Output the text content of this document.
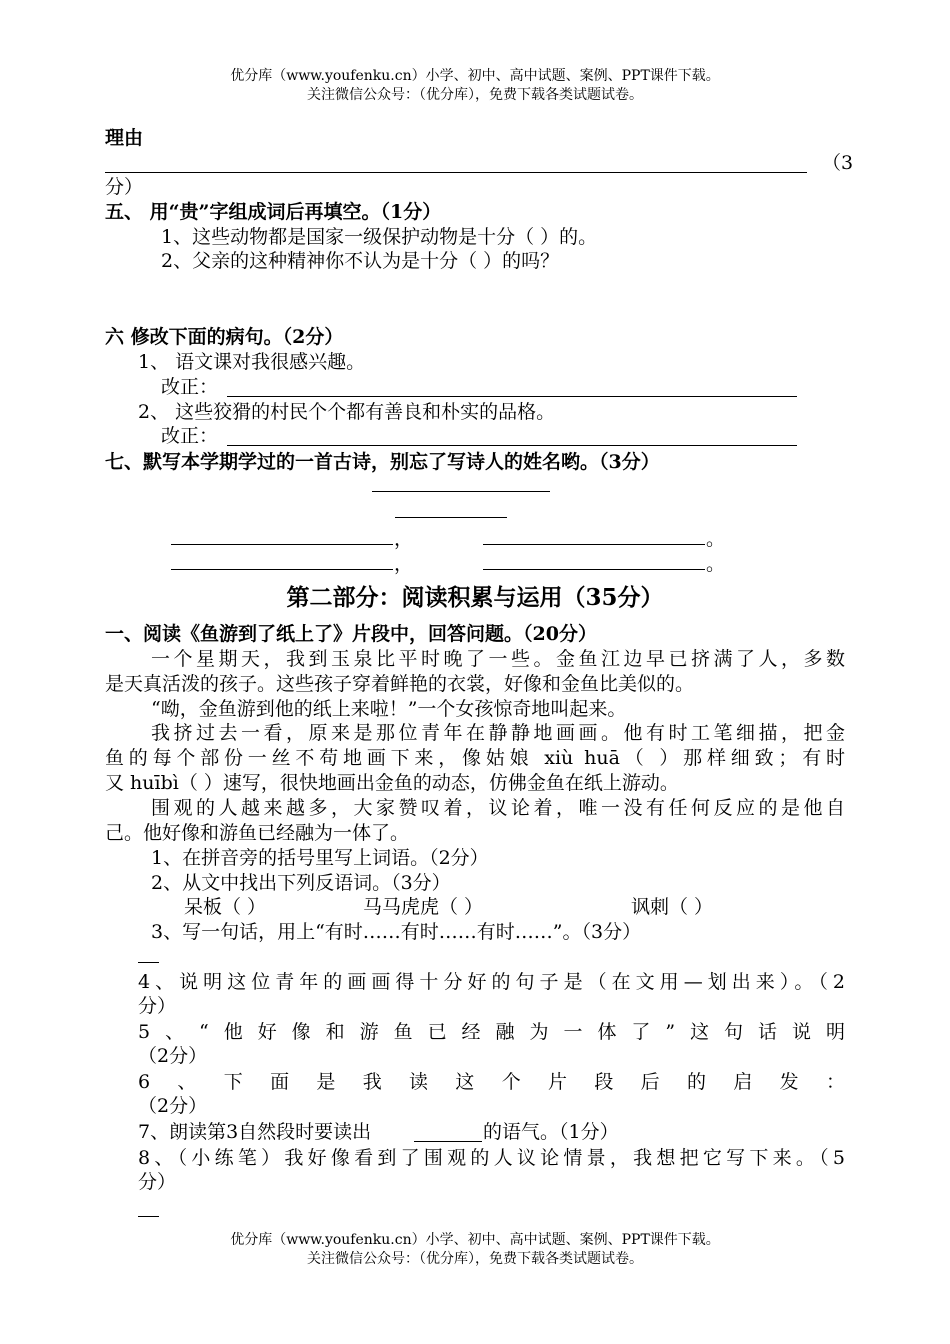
优分库（www.youfenku.cn）小学、初中、高中试题、案例、PPT课件下载。
关注微信公众号：（优分库），免费下载各类试题试卷。
理由
（3
分）
五、 用“贵”字组成词后再填空。（1分）
1、这些动物都是国家一级保护动物是十分（ ）的。
2、父亲的这种精神你不认为是十分（ ）的吗？
六 修改下面的病句。（2分）
1、 语文课对我很感兴趣。
改正：
2、 这些狡猾的村民个个都有善良和朴实的品格。
改正：
七、默写本学期学过的一首古诗，别忘了写诗人的姓名哟。（3分）
，	。
，	。
第二部分：阅读积累与运用（35分）
一、阅读《鱼游到了纸上了》片段中，回答问题。（20分）
一个星期天，我到玉泉比平时晚了一些。金鱼江边早已挤满了人，多数
是天真活泼的孩子。这些孩子穿着鲜艳的衣裳，好像和金鱼比美似的。
“呦，金鱼游到他的纸上来啦！”一个女孩惊奇地叫起来。
我挤过去一看，原来是那位青年在静静地画画。他有时工笔细描，把金
鱼的每个部份一丝不苟地画下来，像姑娘 xiù huā（ ）那样细致；有时
又 huībì（ ）速写，很快地画出金鱼的动态，仿佛金鱼在纸上游动。
围观的人越来越多，大家赞叹着，议论着，唯一没有任何反应的是他自
己。他好像和游鱼已经融为一体了。
1、在拼音旁的括号里写上词语。（2分）
2、从文中找出下列反语词。（3分）
呆板（ ）	马马虎虎（ ）	讽刺（ ）
3、写一句话，用上“有时……有时……有时……”。（3分）
4、说明这位青年的画画得十分好的句子是（在文用—划出来）。（2
分）
5、“他好像和游鱼已经融为一体了”这句话说明
（2分）
6、下面是我读这个片段后的启发：
（2分）
7、朗读第3自然段时要读出	的语气。（1分）
8、（小练笔）我好像看到了围观的人议论情景，我想把它写下来。（5
分）
优分库（www.youfenku.cn）小学、初中、高中试题、案例、PPT课件下载。
关注微信公众号：（优分库），免费下载各类试题试卷。
